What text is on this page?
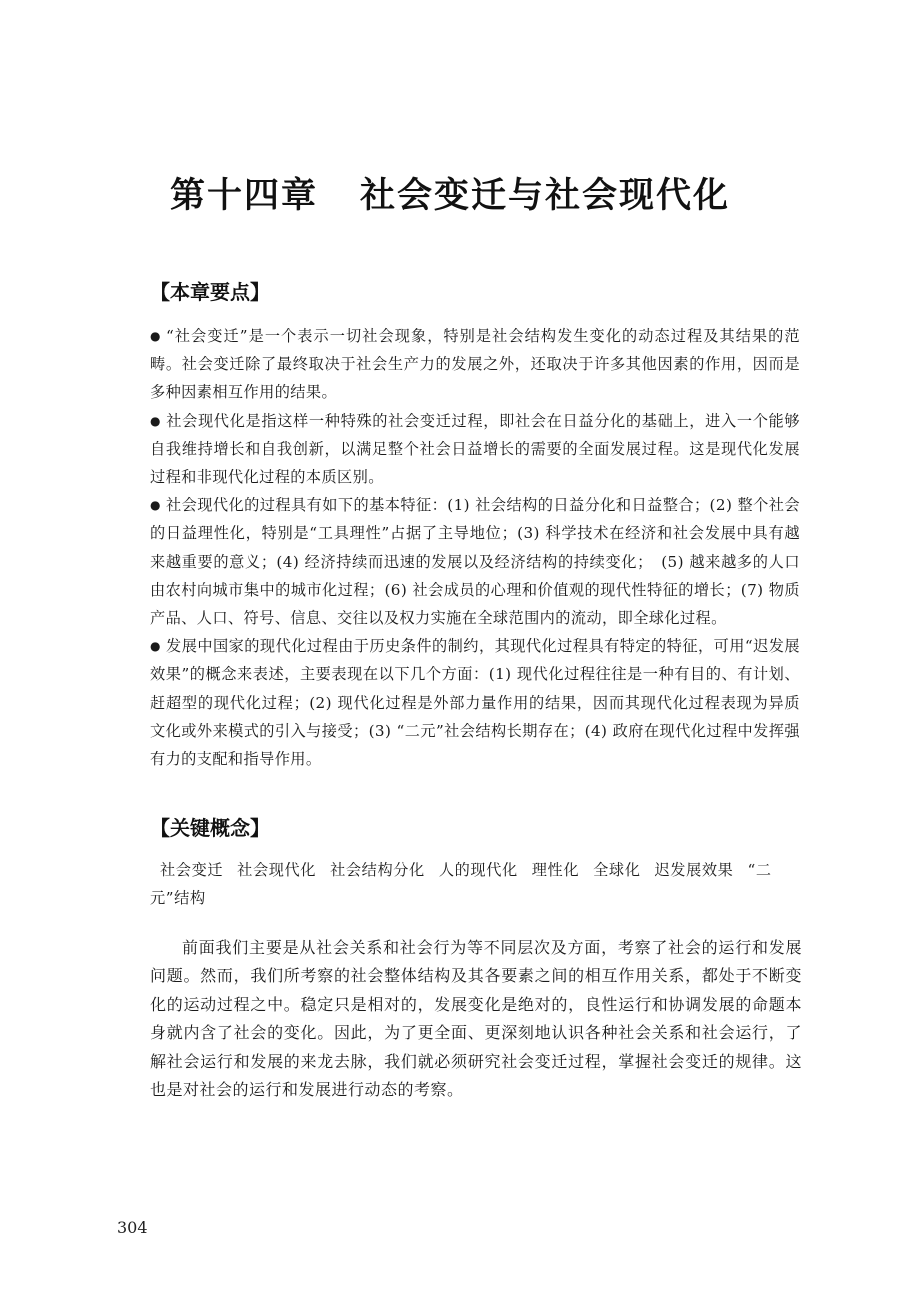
第十四章 社会变迁与社会现代化
【本章要点】

● “社会变迁”是一个表示一切社会现象，特别是社会结构发生变化的动态过程及其结果的范畴。社会变迁除了最终取决于社会生产力的发展之外，还取决于许多其他因素的作用，因而是多种因素相互作用的结果。

● 社会现代化是指这样一种特殊的社会变迁过程，即社会在日益分化的基础上，进入一个能够自我维持增长和自我创新，以满足整个社会日益增长的需要的全面发展过程。这是现代化发展过程和非现代化过程的本质区别。

● 社会现代化的过程具有如下的基本特征：(1) 社会结构的日益分化和日益整合；(2) 整个社会的日益理性化，特别是“工具理性”占据了主导地位；(3) 科学技术在经济和社会发展中具有越来越重要的意义；(4) 经济持续而迅速的发展以及经济结构的持续变化；　(5) 越来越多的人口由农村向城市集中的城市化过程；(6) 社会成员的心理和价值观的现代性特征的增长；(7) 物质产品、人口、符号、信息、交往以及权力实施在全球范围内的流动，即全球化过程。

● 发展中国家的现代化过程由于历史条件的制约，其现代化过程具有特定的特征，可用“迟发展效果”的概念来表述，主要表现在以下几个方面：(1) 现代化过程往往是一种有目的、有计划、赶超型的现代化过程；(2) 现代化过程是外部力量作用的结果，因而其现代化过程表现为异质文化或外来模式的引入与接受；(3) “二元”社会结构长期存在；(4) 政府在现代化过程中发挥强有力的支配和指导作用。

【关键概念】
社会变迁 社会现代化 社会结构分化 人的现代化 理性化 全球化 迟发展效果 “二元”结构

前面我们主要是从社会关系和社会行为等不同层次及方面，考察了社会的运行和发展问题。然而，我们所考察的社会整体结构及其各要素之间的相互作用关系，都处于不断变化的运动过程之中。稳定只是相对的，发展变化是绝对的，良性运行和协调发展的命题本身就内含了社会的变化。因此，为了更全面、更深刻地认识各种社会关系和社会运行，了解社会运行和发展的来龙去脉，我们就必须研究社会变迁过程，掌握社会变迁的规律。这也是对社会的运行和发展进行动态的考察。

304
